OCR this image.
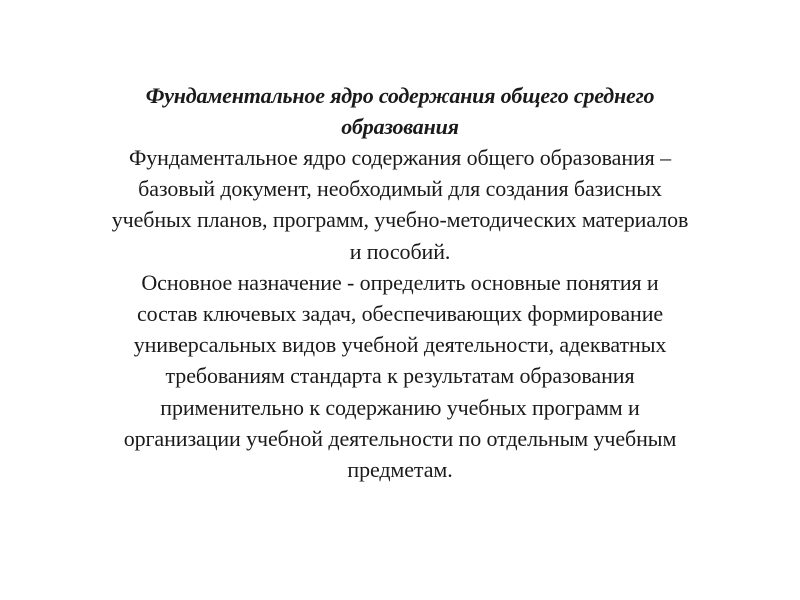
Фундаментальное ядро содержания общего среднего
образования

Фундаментальное ядро содержания общего образования –
базовый документ, необходимый для создания базисных
учебных планов, программ, учебно-методических материалов
и пособий.

Основное назначение - определить основные понятия и
состав ключевых задач, обеспечивающих формирование
универсальных видов учебной деятельности, адекватных
требованиям стандарта к результатам образования
применительно к содержанию учебных программ и
организации учебной деятельности по отдельным учебным
предметам.
